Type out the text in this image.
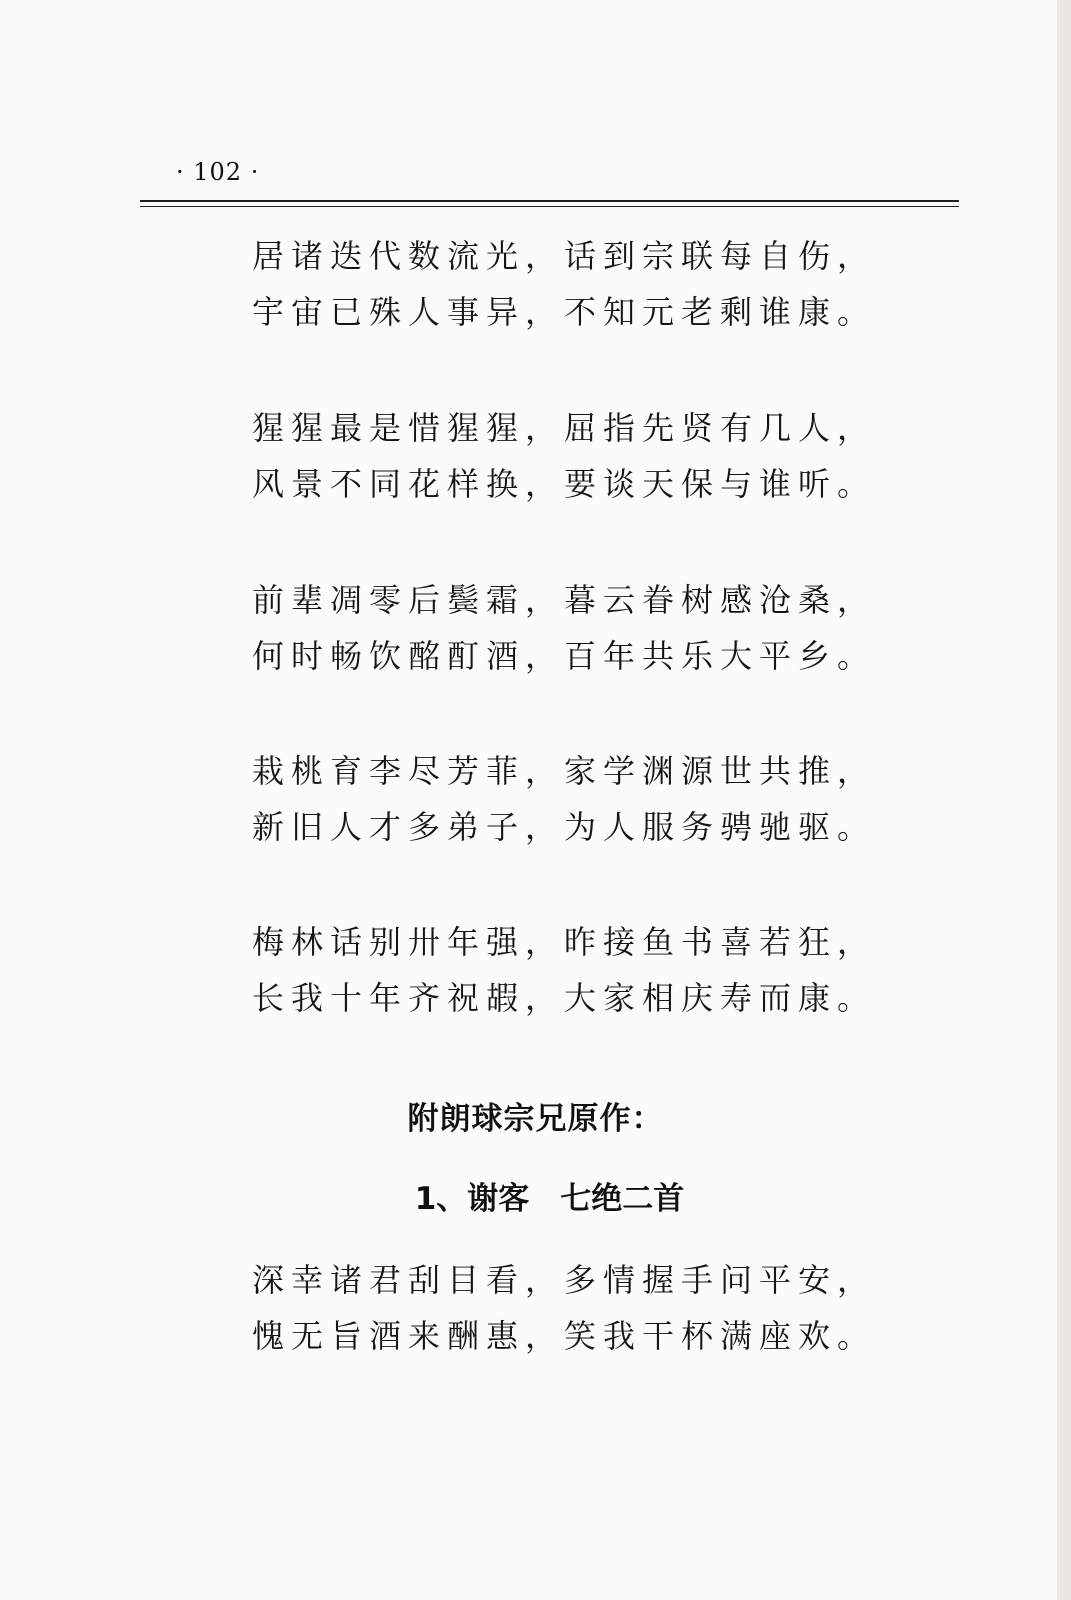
· 102 ·
居诸迭代数流光，话到宗联每自伤，
宇宙已殊人事异，不知元老剩谁康。
猩猩最是惜猩猩，屈指先贤有几人，
风景不同花样换，要谈天保与谁听。
前辈凋零后鬓霜，暮云眷树感沧桑，
何时畅饮酩酊酒，百年共乐大平乡。
栽桃育李尽芳菲，家学渊源世共推，
新旧人才多弟子，为人服务骋驰驱。
梅林话别卅年强，昨接鱼书喜若狂，
长我十年齐祝嘏，大家相庆寿而康。
附朗球宗兄原作：
1、谢客　七绝二首
深幸诸君刮目看，多情握手问平安，
愧无旨酒来酬惠，笑我干杯满座欢。
